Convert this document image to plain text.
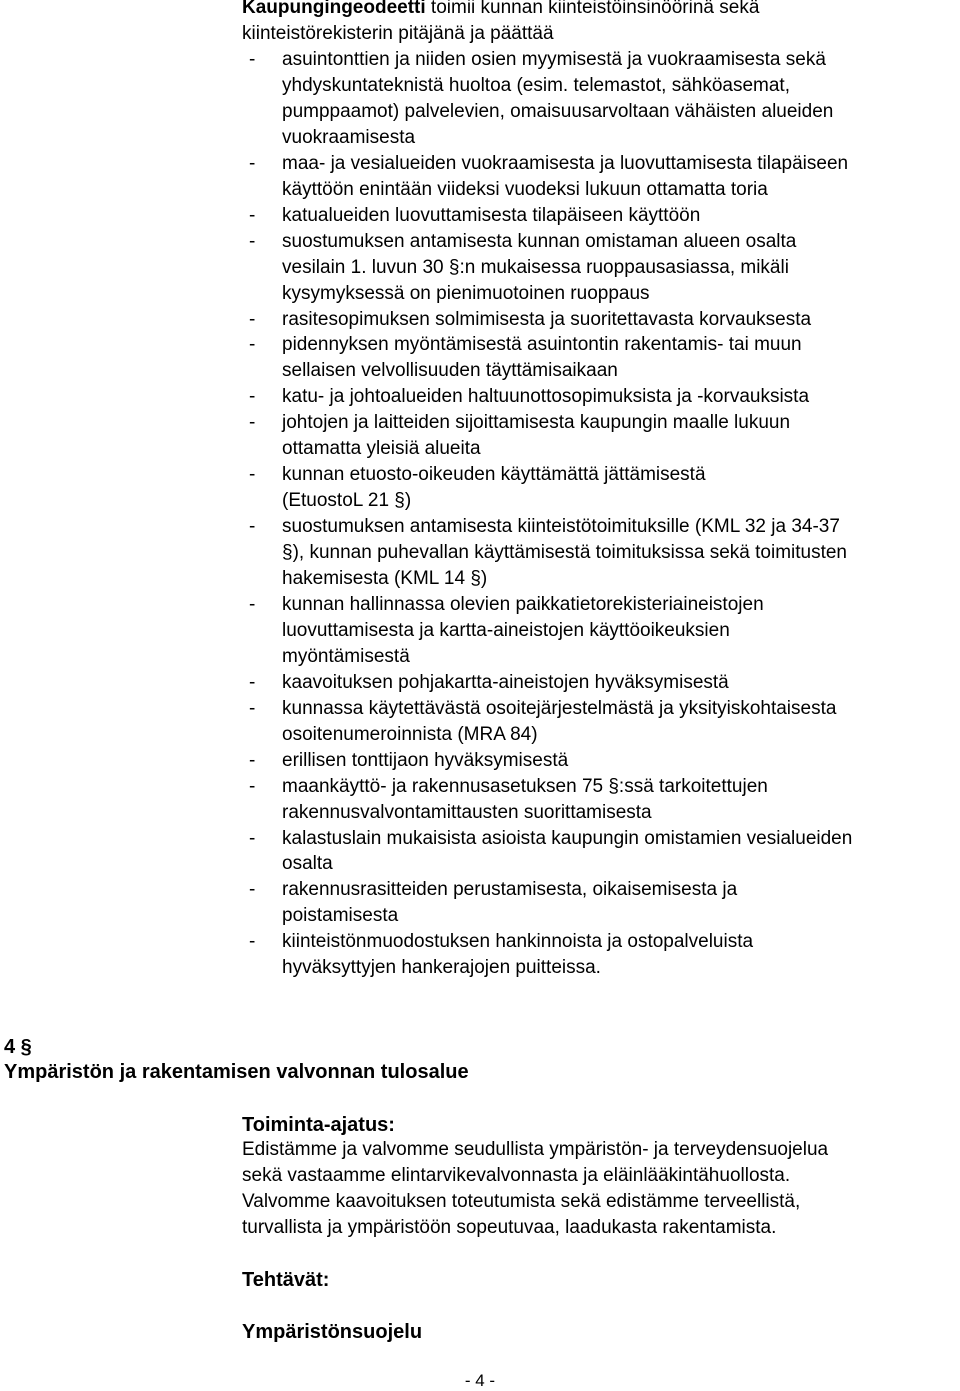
Kaupungingeodeetti toimii kunnan kiinteistöinsinöörinä sekä
kiinteistörekisterin pitäjänä ja päättää
- asuintonttien ja niiden osien myymisestä ja vuokraamisesta sekä
yhdyskuntateknistä huoltoa (esim. telemastot, sähköasemat,
pumppaamot) palvelevien, omaisuusarvoltaan vähäisten alueiden
vuokraamisesta
- maa- ja vesialueiden vuokraamisesta ja luovuttamisesta tilapäiseen
käyttöön enintään viideksi vuodeksi lukuun ottamatta toria
- katualueiden luovuttamisesta tilapäiseen käyttöön
- suostumuksen antamisesta kunnan omistaman alueen osalta
vesilain 1. luvun 30 §:n mukaisessa ruoppausasiassa, mikäli
kysymyksessä on pienimuotoinen ruoppaus
- rasitesopimuksen solmimisesta ja suoritettavasta korvauksesta
- pidennyksen myöntämisestä asuintontin rakentamis- tai muun
sellaisen velvollisuuden täyttämisaikaan
- katu- ja johtoalueiden haltuunottosopimuksista ja -korvauksista
- johtojen ja laitteiden sijoittamisesta kaupungin maalle lukuun
ottamatta yleisiä alueita
- kunnan etuosto-oikeuden käyttämättä jättämisestä
(EtuostoL 21 §)
- suostumuksen antamisesta kiinteistötoimituksille (KML 32 ja 34-37
§), kunnan puhevallan käyttämisestä toimituksissa sekä toimitusten
hakemisesta (KML 14 §)
- kunnan hallinnassa olevien paikkatietorekisteriaineistojen
luovuttamisesta ja kartta-aineistojen käyttöoikeuksien
myöntämisestä
- kaavoituksen pohjakartta-aineistojen hyväksymisestä
- kunnassa käytettävästä osoitejärjestelmästä ja yksityiskohtaisesta
osoitenumeroinnista (MRA 84)
- erillisen tonttijaon hyväksymisestä
- maankäyttö- ja rakennusasetuksen 75 §:ssä tarkoitettujen
rakennusvalvontamittausten suorittamisesta
- kalastuslain mukaisista asioista kaupungin omistamien vesialueiden
osalta
- rakennusrasitteiden perustamisesta, oikaisemisesta ja
poistamisesta
- kiinteistönmuodostuksen hankinnoista ja ostopalveluista
hyväksyttyjen hankerajojen puitteissa.
4 §
Ympäristön ja rakentamisen valvonnan tulosalue
Toiminta-ajatus:
Edistämme ja valvomme seudullista ympäristön- ja terveydensuojelua
sekä vastaamme elintarvikevalvonnasta ja eläinlääkintähuollosta.
Valvomme kaavoituksen toteutumista sekä edistämme terveellistä,
turvallista ja ympäristöön sopeutuvaa, laadukasta rakentamista.
Tehtävät:
Ympäristönsuojelu
- 4 -
